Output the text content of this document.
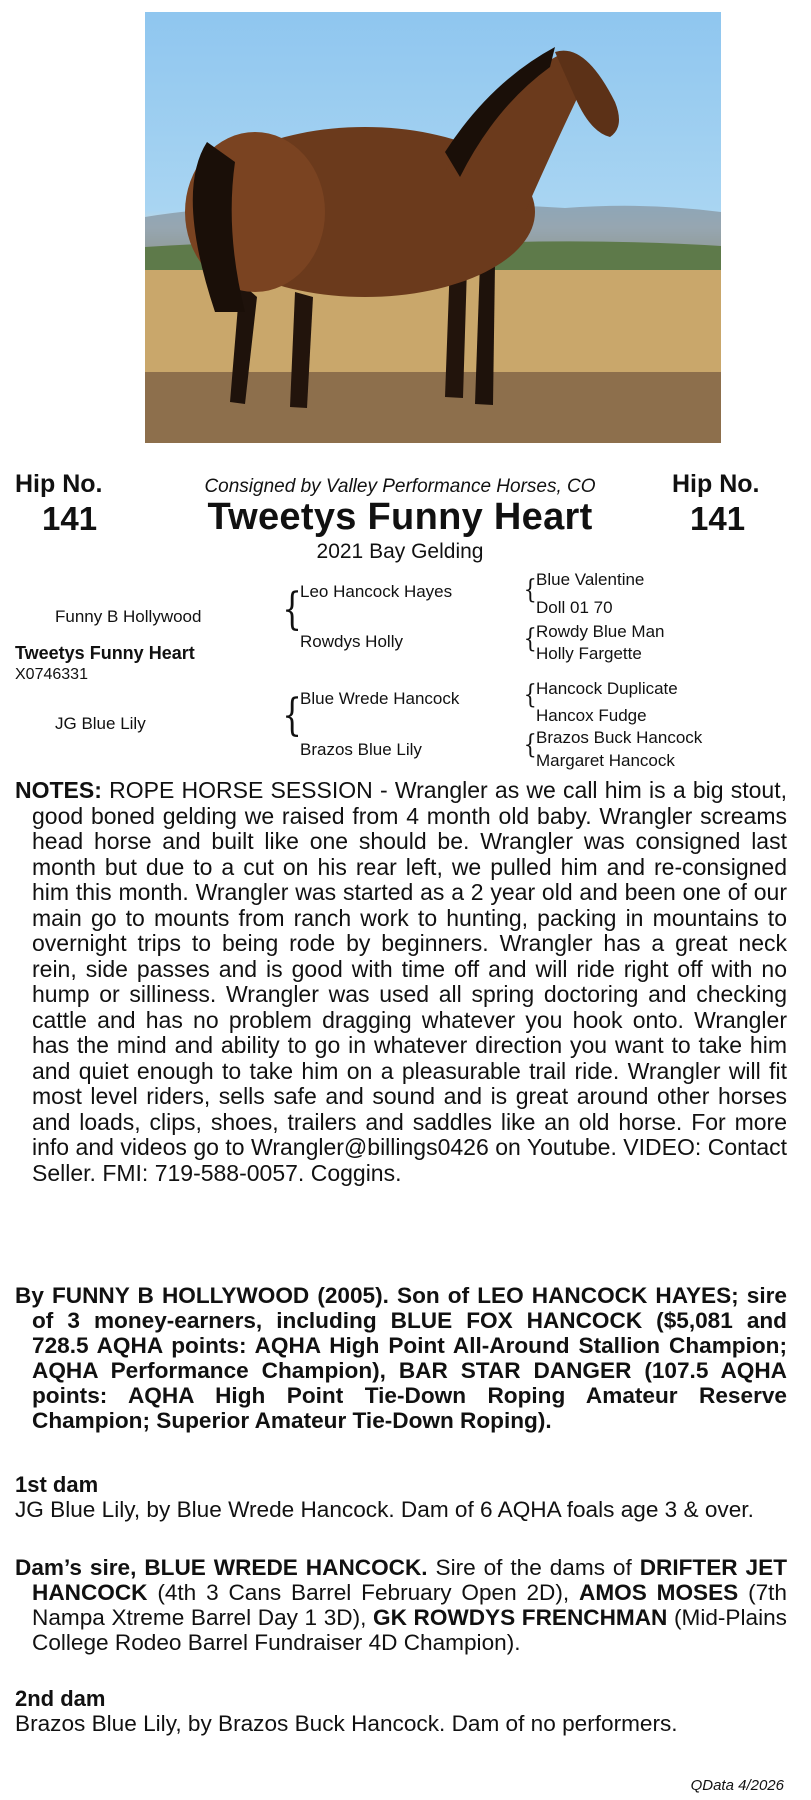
Hip No.
141
Hip No.
141
Consigned by Valley Performance Horses, CO
Tweetys Funny Heart
2021 Bay Gelding
Funny B Hollywood
Tweetys Funny Heart
X0746331
JG Blue Lily
{
{
Leo Hancock Hayes
Rowdys Holly
Blue Wrede Hancock
Brazos Blue Lily
{
{
{
{
Blue Valentine
Doll 01 70
Rowdy Blue Man
Holly Fargette
Hancock Duplicate
Hancox Fudge
Brazos Buck Hancock
Margaret Hancock

NOTES: ROPE HORSE SESSION - Wrangler as we call him is a big stout, good boned gelding we raised from 4 month old baby. Wrangler screams head horse and built like one should be. Wrangler was consigned last month but due to a cut on his rear left, we pulled him and re-consigned him this month. Wrangler was started as a 2 year old and been one of our main go to mounts from ranch work to hunting, packing in mountains to overnight trips to being rode by beginners. Wrangler has a great neck rein, side passes and is good with time off and will ride right off with no hump or silliness. Wrangler was used all spring doctoring and checking cattle and has no problem dragging whatever you hook onto. Wrangler has the mind and ability to go in whatever direction you want to take him and quiet enough to take him on a pleasurable trail ride. Wrangler will fit most level riders, sells safe and sound and is great around other horses and loads, clips, shoes, trailers and saddles like an old horse. For more info and videos go to Wrangler@billings0426 on Youtube. VIDEO: Contact Seller. FMI: 719-588-0057. Coggins.

By FUNNY B HOLLYWOOD (2005). Son of LEO HANCOCK HAYES; sire of 3 money-earners, including BLUE FOX HANCOCK ($5,081 and 728.5 AQHA points: AQHA High Point All-Around Stallion Champion; AQHA Performance Champion), BAR STAR DANGER (107.5 AQHA points: AQHA High Point Tie-Down Roping Amateur Reserve Champion; Superior Amateur Tie-Down Roping).

1st dam

JG Blue Lily, by Blue Wrede Hancock. Dam of 6 AQHA foals age 3 & over.

Dam’s sire, BLUE WREDE HANCOCK. Sire of the dams of DRIFTER JET HANCOCK (4th 3 Cans Barrel February Open 2D), AMOS MOSES (7th Nampa Xtreme Barrel Day 1 3D), GK ROWDYS FRENCHMAN (Mid-Plains College Rodeo Barrel Fundraiser 4D Champion).

2nd dam

Brazos Blue Lily, by Brazos Buck Hancock. Dam of no performers.

QData 4/2026
